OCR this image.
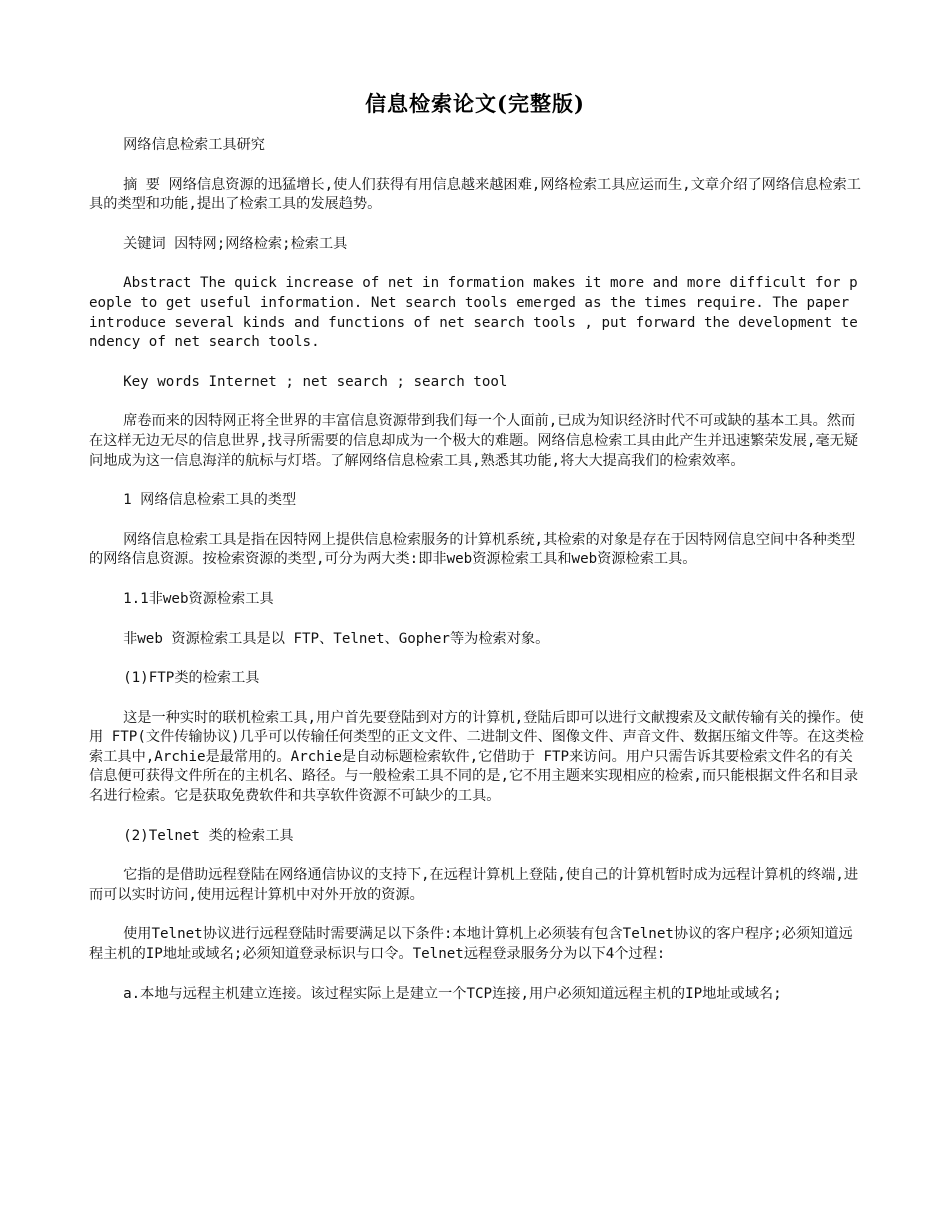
信息检索论文(完整版)

网络信息检索工具研究

摘 要 网络信息资源的迅猛增长,使人们获得有用信息越来越困难,网络检索工具应运而生,文章介绍了网络信息检索工具的类型和功能,提出了检索工具的发展趋势。

关键词 因特网;网络检索;检索工具

Abstract The quick increase of net in formation makes it more and more difficult for people to get useful information. Net search tools emerged as the times require. The paper introduce several kinds and functions of net search tools , put forward the development tendency of net search tools.

Key words Internet ; net search ; search tool

席卷而来的因特网正将全世界的丰富信息资源带到我们每一个人面前,已成为知识经济时代不可或缺的基本工具。然而在这样无边无尽的信息世界,找寻所需要的信息却成为一个极大的难题。网络信息检索工具由此产生并迅速繁荣发展,毫无疑问地成为这一信息海洋的航标与灯塔。了解网络信息检索工具,熟悉其功能,将大大提高我们的检索效率。

1 网络信息检索工具的类型

网络信息检索工具是指在因特网上提供信息检索服务的计算机系统,其检索的对象是存在于因特网信息空间中各种类型的网络信息资源。按检索资源的类型,可分为两大类:即非web资源检索工具和web资源检索工具。

1.1非web资源检索工具

非web 资源检索工具是以 FTP、Telnet、Gopher等为检索对象。

(1)FTP类的检索工具

这是一种实时的联机检索工具,用户首先要登陆到对方的计算机,登陆后即可以进行文献搜索及文献传输有关的操作。使用 FTP(文件传输协议)几乎可以传输任何类型的正文文件、二进制文件、图像文件、声音文件、数据压缩文件等。在这类检索工具中,Archie是最常用的。Archie是自动标题检索软件,它借助于 FTP来访问。用户只需告诉其要检索文件名的有关信息便可获得文件所在的主机名、路径。与一般检索工具不同的是,它不用主题来实现相应的检索,而只能根据文件名和目录名进行检索。它是获取免费软件和共享软件资源不可缺少的工具。

(2)Telnet 类的检索工具

它指的是借助远程登陆在网络通信协议的支持下,在远程计算机上登陆,使自己的计算机暂时成为远程计算机的终端,进而可以实时访问,使用远程计算机中对外开放的资源。

使用Telnet协议进行远程登陆时需要满足以下条件:本地计算机上必须装有包含Telnet协议的客户程序;必须知道远程主机的IP地址或域名;必须知道登录标识与口令。Telnet远程登录服务分为以下4个过程:

a.本地与远程主机建立连接。该过程实际上是建立一个TCP连接,用户必须知道远程主机的IP地址或域名;
